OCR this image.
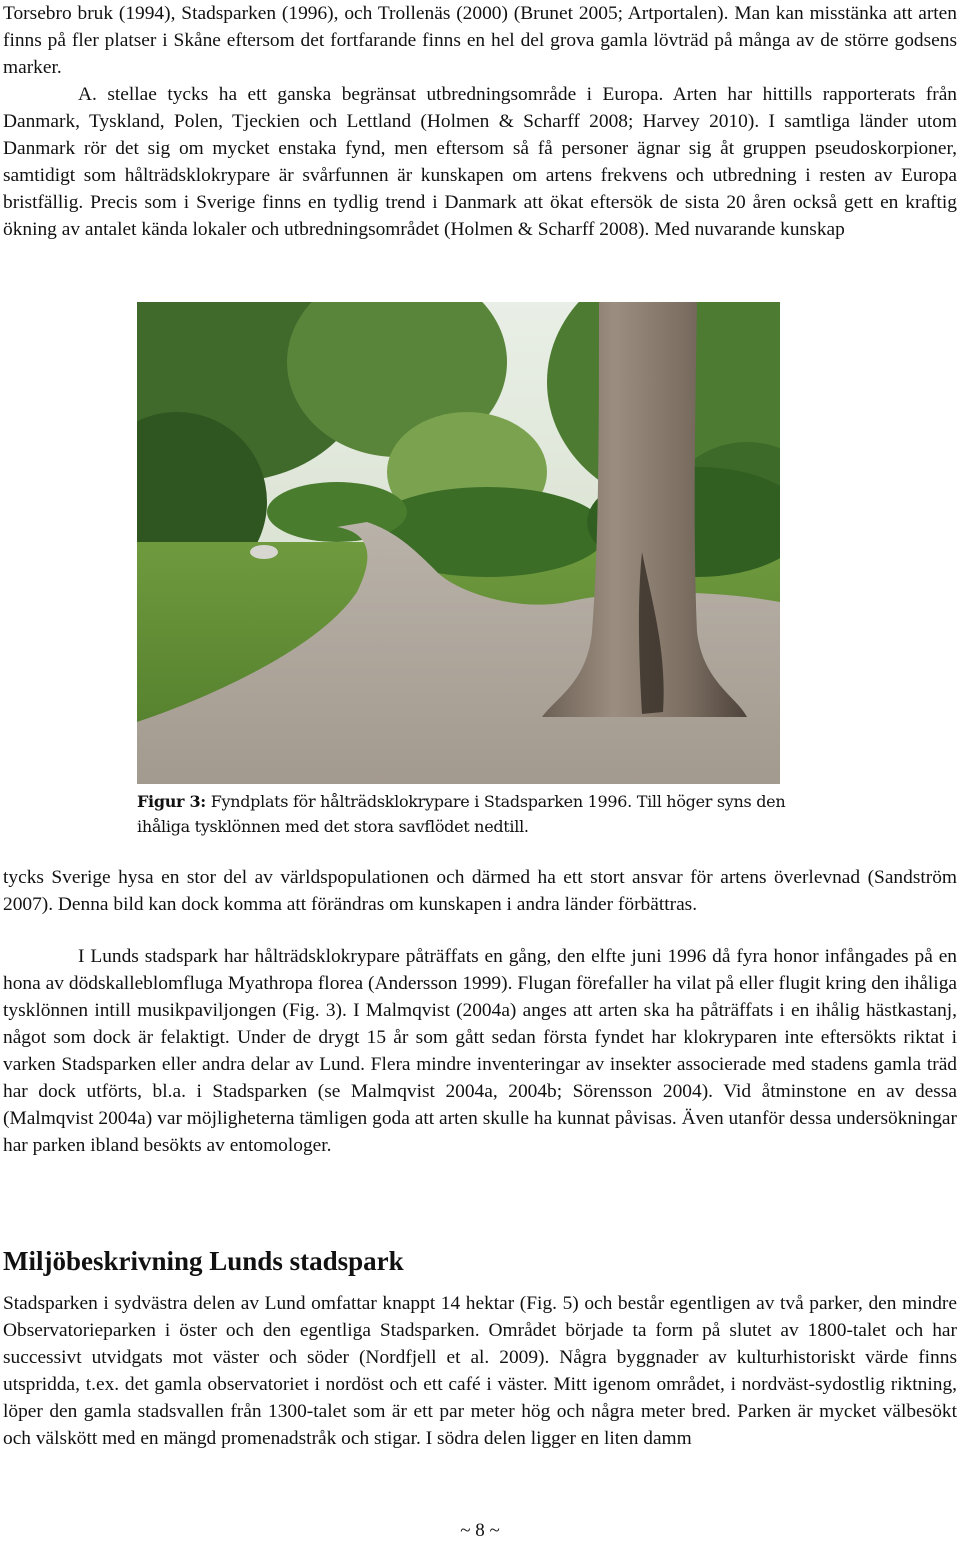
Torsebro bruk (1994), Stadsparken (1996), och Trollenäs (2000) (Brunet 2005; Artportalen). Man kan misstänka att arten finns på fler platser i Skåne eftersom det fortfarande finns en hel del grova gamla lövträd på många av de större godsens marker.
A. stellae tycks ha ett ganska begränsat utbredningsområde i Europa. Arten har hittills rapporterats från Danmark, Tyskland, Polen, Tjeckien och Lettland (Holmen & Scharff 2008; Harvey 2010). I samtliga länder utom Danmark rör det sig om mycket enstaka fynd, men eftersom så få personer ägnar sig åt gruppen pseudoskorpioner, samtidigt som hålträdsklokrypare är svårfunnen är kunskapen om artens frekvens och utbredning i resten av Europa bristfällig. Precis som i Sverige finns en tydlig trend i Danmark att ökat eftersök de sista 20 åren också gett en kraftig ökning av antalet kända lokaler och utbredningsområdet (Holmen & Scharff 2008). Med nuvarande kunskap

Figur 3: Fyndplats för hålträdsklokrypare i Stadsparken 1996. Till höger syns den ihåliga tysklönnen med det stora savflödet nedtill.

tycks Sverige hysa en stor del av världspopulationen och därmed ha ett stort ansvar för artens överlevnad (Sandström 2007). Denna bild kan dock komma att förändras om kunskapen i andra länder förbättras.

I Lunds stadspark har hålträdsklokrypare påträffats en gång, den elfte juni 1996 då fyra honor infångades på en hona av dödskalleblomfluga Myathropa florea (Andersson 1999). Flugan förefaller ha vilat på eller flugit kring den ihåliga tysklönnen intill musikpaviljongen (Fig. 3). I Malmqvist (2004a) anges att arten ska ha påträffats i en ihålig hästkastanj, något som dock är felaktigt. Under de drygt 15 år som gått sedan första fyndet har klokryparen inte eftersökts riktat i varken Stadsparken eller andra delar av Lund. Flera mindre inventeringar av insekter associerade med stadens gamla träd har dock utförts, bl.a. i Stadsparken (se Malmqvist 2004a, 2004b; Sörensson 2004). Vid åtminstone en av dessa (Malmqvist 2004a) var möjligheterna tämligen goda att arten skulle ha kunnat påvisas. Även utanför dessa undersökningar har parken ibland besökts av entomologer.

Miljöbeskrivning Lunds stadspark

Stadsparken i sydvästra delen av Lund omfattar knappt 14 hektar (Fig. 5) och består egentligen av två parker, den mindre Observatorieparken i öster och den egentliga Stadsparken. Området började ta form på slutet av 1800-talet och har successivt utvidgats mot väster och söder (Nordfjell et al. 2009). Några byggnader av kulturhistoriskt värde finns utspridda, t.ex. det gamla observatoriet i nordöst och ett café i väster. Mitt igenom området, i nordväst-sydostlig riktning, löper den gamla stadsvallen från 1300-talet som är ett par meter hög och några meter bred. Parken är mycket välbesökt och välskött med en mängd promenadstråk och stigar. I södra delen ligger en liten damm

~ 8 ~
